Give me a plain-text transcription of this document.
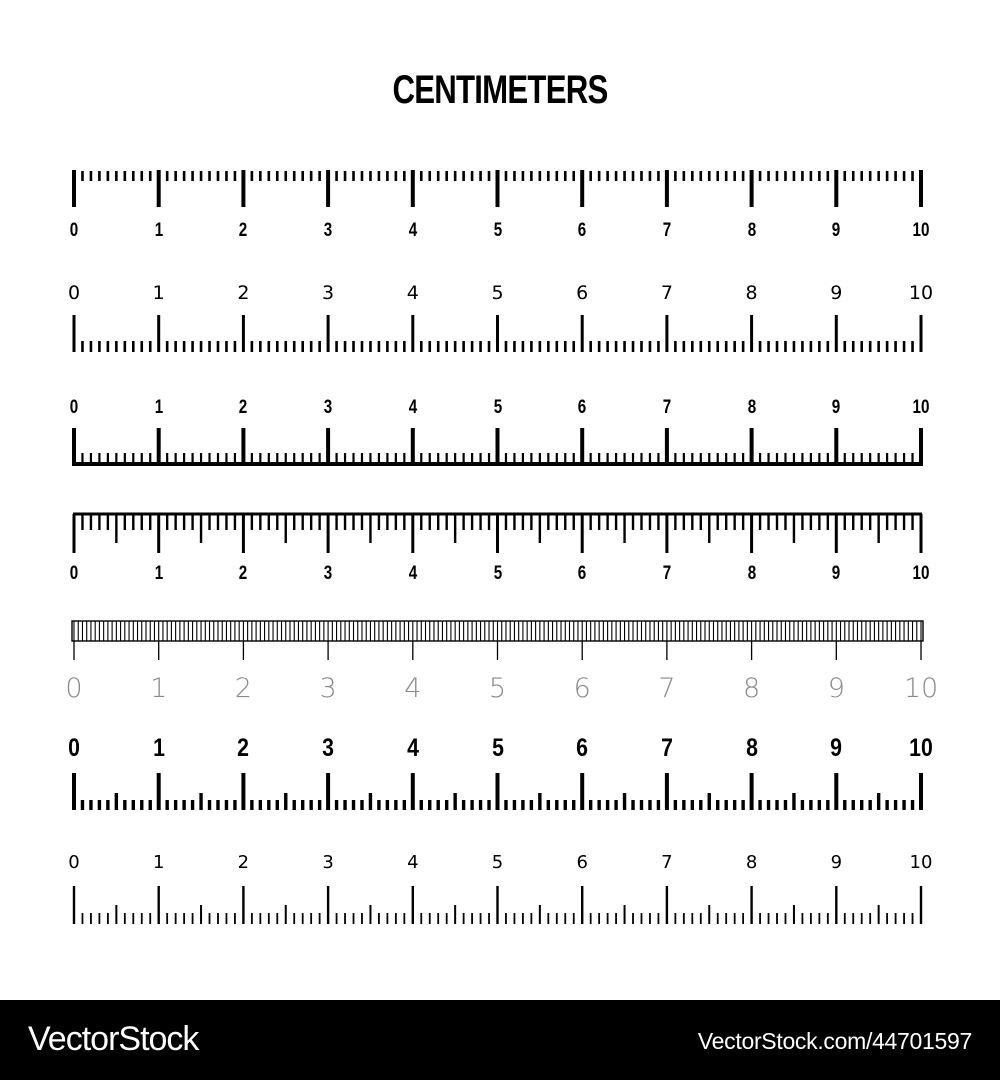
CENTIMETERS
0	1	2	3	4	5	6	7	8	9	10
0	1	2	3	4	5	6	7	8	9	10
0	1	2	3	4	5	6	7	8	9	10
0	1	2	3	4	5	6	7	8	9	10
0	1	2	3	4	5	6	7	8	9	10
0	1	2	3	4	5	6	7	8	9	10
0	1	2	3	4	5	6	7	8	9	10
VectorStock	VectorStock.com/44701597
